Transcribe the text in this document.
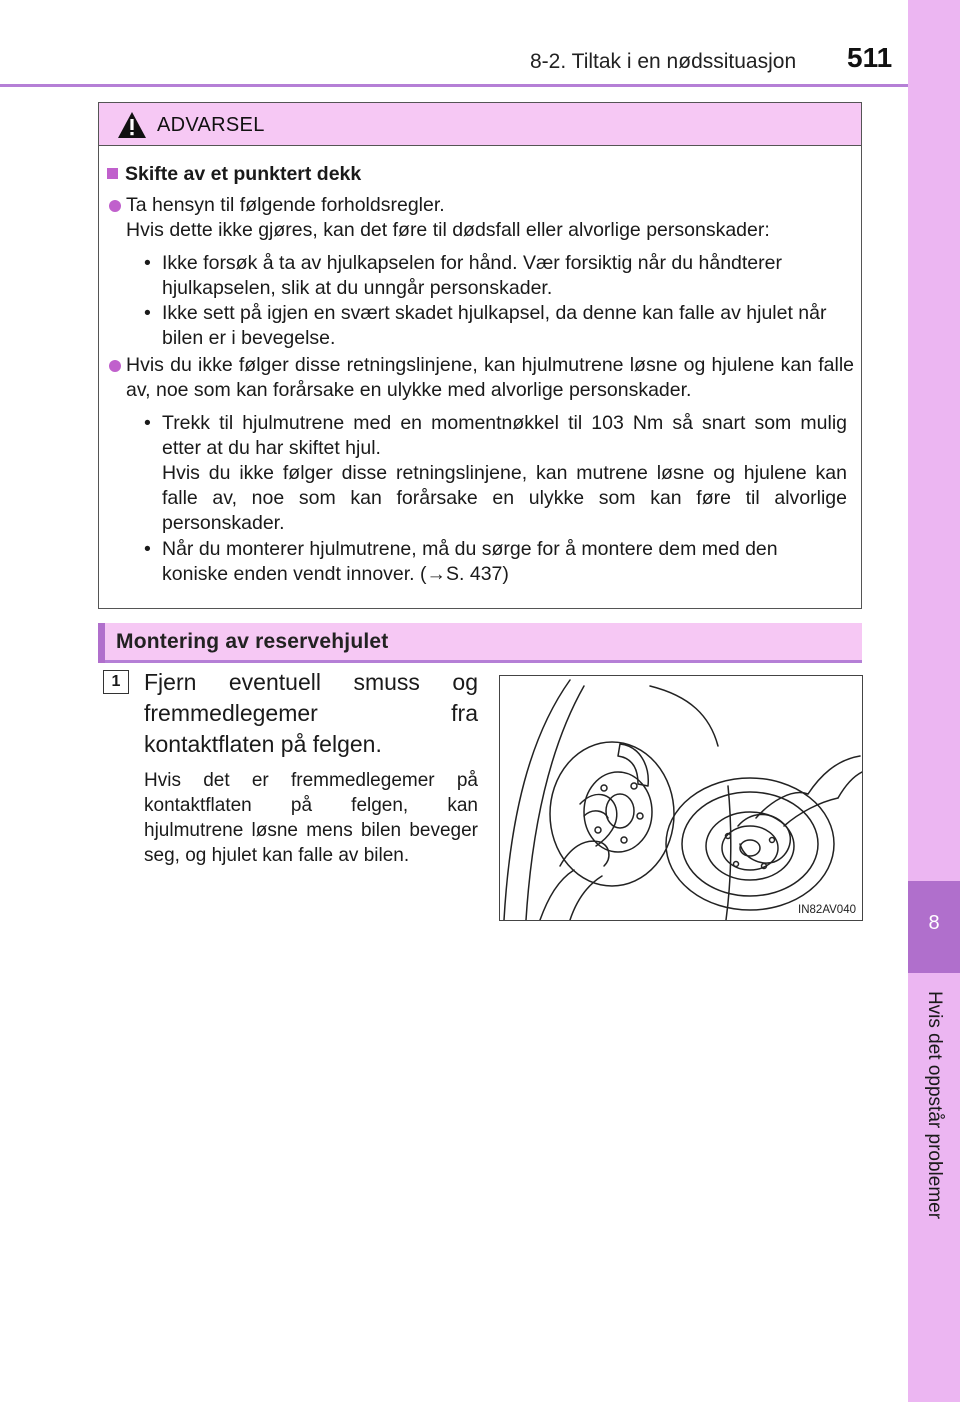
8-2. Tiltak i en nødssituasjon 511
8
Hvis det oppstår problemer
ADVARSEL
Skifte av et punktert dekk
Ta hensyn til følgende forholdsregler.
Hvis dette ikke gjøres, kan det føre til dødsfall eller alvorlige personskader:
• Ikke forsøk å ta av hjulkapselen for hånd. Vær forsiktig når du håndterer hjulkapselen, slik at du unngår personskader.
• Ikke sett på igjen en svært skadet hjulkapsel, da denne kan falle av hjulet når bilen er i bevegelse.
Hvis du ikke følger disse retningslinjene, kan hjulmutrene løsne og hjulene kan falle av, noe som kan forårsake en ulykke med alvorlige personskader.
• Trekk til hjulmutrene med en momentnøkkel til 103 Nm så snart som mulig etter at du har skiftet hjul.
Hvis du ikke følger disse retningslinjene, kan mutrene løsne og hjulene kan falle av, noe som kan forårsake en ulykke som kan føre til alvorlige personskader.
• Når du monterer hjulmutrene, må du sørge for å montere dem med den koniske enden vendt innover. (→S. 437)
Montering av reservehjulet
1	Fjern eventuell smuss og fremmedlegemer fra kontaktflaten på felgen.
Hvis det er fremmedlegemer på kontaktflaten på felgen, kan hjulmutrene løsne mens bilen beveger seg, og hjulet kan falle av bilen.
IN82AV040
